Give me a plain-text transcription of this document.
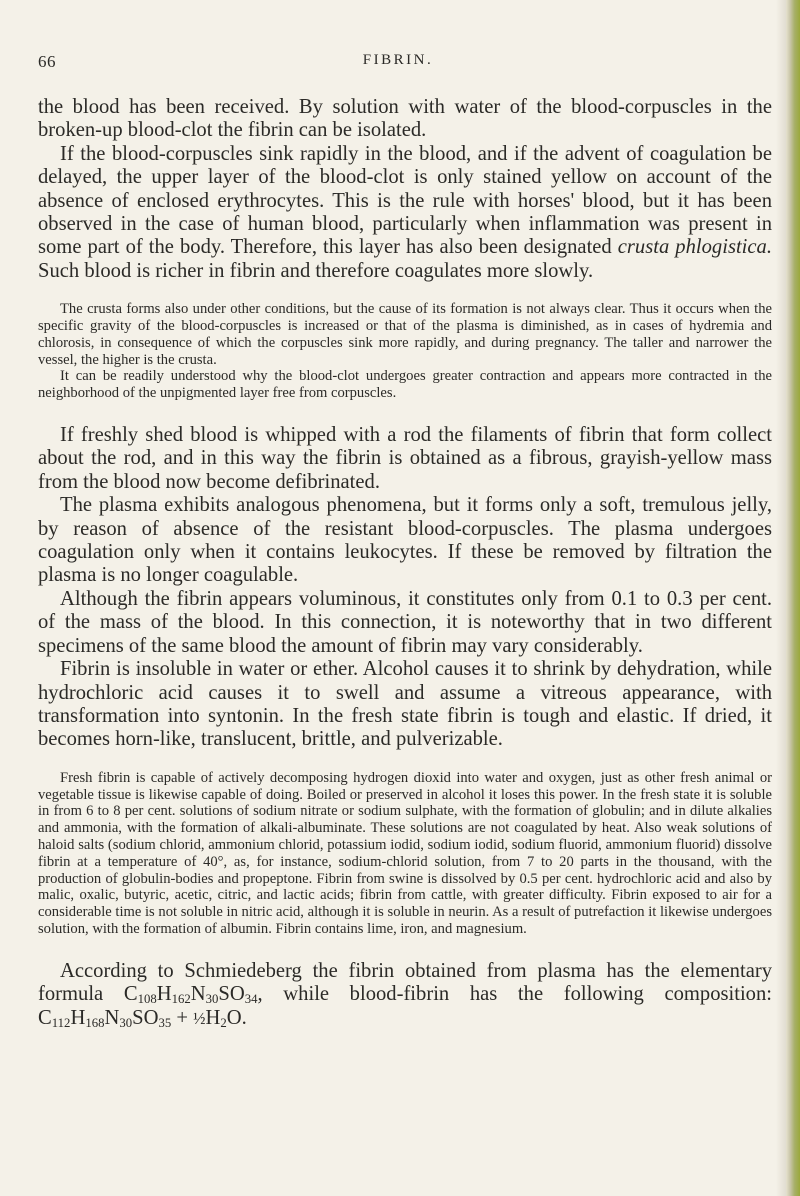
66	FIBRIN.

the blood has been received. By solution with water of the blood-corpuscles in the broken-up blood-clot the fibrin can be isolated.

If the blood-corpuscles sink rapidly in the blood, and if the advent of coagulation be delayed, the upper layer of the blood-clot is only stained yellow on account of the absence of enclosed erythrocytes. This is the rule with horses' blood, but it has been observed in the case of human blood, particularly when inflammation was present in some part of the body. Therefore, this layer has also been designated crusta phlogistica. Such blood is richer in fibrin and therefore coagulates more slowly.

The crusta forms also under other conditions, but the cause of its formation is not always clear. Thus it occurs when the specific gravity of the blood-corpuscles is increased or that of the plasma is diminished, as in cases of hydremia and chlorosis, in consequence of which the corpuscles sink more rapidly, and during pregnancy. The taller and narrower the vessel, the higher is the crusta.

It can be readily understood why the blood-clot undergoes greater contraction and appears more contracted in the neighborhood of the unpigmented layer free from corpuscles.

If freshly shed blood is whipped with a rod the filaments of fibrin that form collect about the rod, and in this way the fibrin is obtained as a fibrous, grayish-yellow mass from the blood now become defibrinated.

The plasma exhibits analogous phenomena, but it forms only a soft, tremulous jelly, by reason of absence of the resistant blood-corpuscles. The plasma undergoes coagulation only when it contains leukocytes. If these be removed by filtration the plasma is no longer coagulable.

Although the fibrin appears voluminous, it constitutes only from 0.1 to 0.3 per cent. of the mass of the blood. In this connection, it is noteworthy that in two different specimens of the same blood the amount of fibrin may vary considerably.

Fibrin is insoluble in water or ether. Alcohol causes it to shrink by dehydration, while hydrochloric acid causes it to swell and assume a vitreous appearance, with transformation into syntonin. In the fresh state fibrin is tough and elastic. If dried, it becomes horn-like, translucent, brittle, and pulverizable.

Fresh fibrin is capable of actively decomposing hydrogen dioxid into water and oxygen, just as other fresh animal or vegetable tissue is likewise capable of doing. Boiled or preserved in alcohol it loses this power. In the fresh state it is soluble in from 6 to 8 per cent. solutions of sodium nitrate or sodium sulphate, with the formation of globulin; and in dilute alkalies and ammonia, with the formation of alkali-albuminate. These solutions are not coagulated by heat. Also weak solutions of haloid salts (sodium chlorid, ammonium chlorid, potassium iodid, sodium iodid, sodium fluorid, ammonium fluorid) dissolve fibrin at a temperature of 40°, as, for instance, sodium-chlorid solution, from 7 to 20 parts in the thousand, with the production of globulin-bodies and propeptone. Fibrin from swine is dissolved by 0.5 per cent. hydrochloric acid and also by malic, oxalic, butyric, acetic, citric, and lactic acids; fibrin from cattle, with greater difficulty. Fibrin exposed to air for a considerable time is not soluble in nitric acid, although it is soluble in neurin. As a result of putrefaction it likewise undergoes solution, with the formation of albumin. Fibrin contains lime, iron, and magnesium.

According to Schmiedeberg the fibrin obtained from plasma has the elementary formula $C_{108}H_{162}N_{30}SO_{34}$, while blood-fibrin has the following composition: $C_{112}H_{168}N_{30}SO_{35}$ + $\frac{1}{2}H_2O$.
